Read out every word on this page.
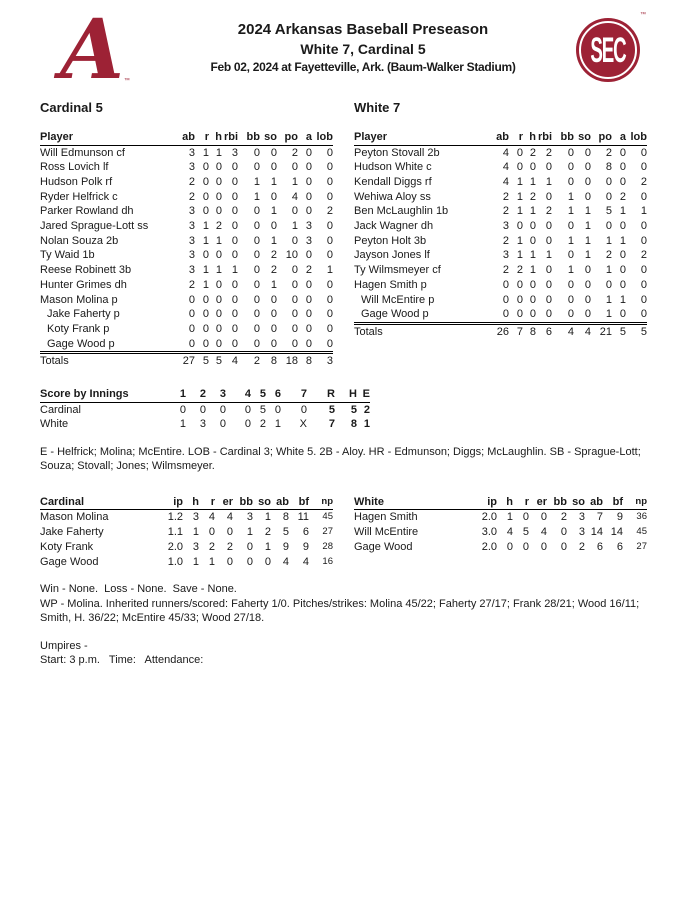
A™
2024 Arkansas Baseball Preseason
White 7, Cardinal 5
Feb 02, 2024 at Fayetteville, Ark. (Baum-Walker Stadium)	SEC
™
Cardinal 5
Player	ab	r	h	rbi	bb	so	po	a	lob
Will Edmunson cf	3	1	1	3	0	0	2	0	0
Ross Lovich lf	3	0	0	0	0	0	0	0	0
Hudson Polk rf	2	0	0	0	1	1	1	0	0
Ryder Helfrick c	2	0	0	0	1	0	4	0	0
Parker Rowland dh	3	0	0	0	0	1	0	0	2
Jared Sprague-Lott ss	3	1	2	0	0	0	1	3	0
Nolan Souza 2b	3	1	1	0	0	1	0	3	0
Ty Waid 1b	3	0	0	0	0	2	10	0	0
Reese Robinett 3b	3	1	1	1	0	2	0	2	1
Hunter Grimes dh	2	1	0	0	0	1	0	0	0
Mason Molina p	0	0	0	0	0	0	0	0	0
Jake Faherty p	0	0	0	0	0	0	0	0	0
Koty Frank p	0	0	0	0	0	0	0	0	0
Gage Wood p	0	0	0	0	0	0	0	0	0

Totals	27	5	5	4	2	8	18	8	3
White 7
Player	ab	r	h	rbi	bb	so	po	a	lob
Peyton Stovall 2b	4	0	2	2	0	0	2	0	0
Hudson White c	4	0	0	0	0	0	8	0	0
Kendall Diggs rf	4	1	1	1	0	0	0	0	2
Wehiwa Aloy ss	2	1	2	0	1	0	0	2	0
Ben McLaughlin 1b	2	1	1	2	1	1	5	1	1
Jack Wagner dh	3	0	0	0	0	1	0	0	0
Peyton Holt 3b	2	1	0	0	1	1	1	1	0
Jayson Jones lf	3	1	1	1	0	1	2	0	2
Ty Wilmsmeyer cf	2	2	1	0	1	0	1	0	0
Hagen Smith p	0	0	0	0	0	0	0	0	0
Will McEntire p	0	0	0	0	0	0	1	1	0
Gage Wood p	0	0	0	0	0	0	1	0	0

Totals	26	7	8	6	4	4	21	5	5
Score by Innings	1	2	3	4	5	6	7	R	H	E
Cardinal	0	0	0	0	5	0	0	5	5	2
White	1	3	0	0	2	1	X	7	8	1
E - Helfrick; Molina; McEntire. LOB - Cardinal 3; White 5. 2B - Aloy. HR - Edmunson; Diggs; McLaughlin. SB - Sprague-Lott; Souza; Stovall; Jones; Wilmsmeyer.
Cardinal	ip	h	r	er	bb	so	ab	bf	np
Mason Molina	1.2	3	4	4	3	1	8	11	45
Jake Faherty	1.1	1	0	0	1	2	5	6	27
Koty Frank	2.0	3	2	2	0	1	9	9	28
Gage Wood	1.0	1	1	0	0	0	4	4	16
White	ip	h	r	er	bb	so	ab	bf	np
Hagen Smith	2.0	1	0	0	2	3	7	9	36
Will McEntire	3.0	4	5	4	0	3	14	14	45
Gage Wood	2.0	0	0	0	0	2	6	6	27
Win - None.  Loss - None.  Save - None.
WP - Molina. Inherited runners/scored: Faherty 1/0. Pitches/strikes: Molina 45/22; Faherty 27/17; Frank 28/21; Wood 16/11; Smith, H. 36/22; McEntire 45/33; Wood 27/18.
Umpires -
Start: 3 p.m.   Time:   Attendance:
